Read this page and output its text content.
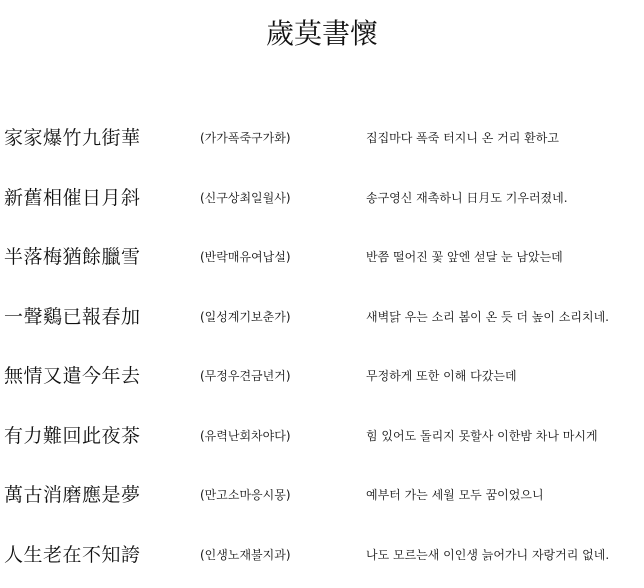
歲莫書懷
家家爆竹九街華	(가가폭죽구가화)	집집마다 폭죽 터지니 온 거리 환하고
新舊相催日月斜	(신구상최일월사)	송구영신 재촉하니 日月도 기우러졌네.
半落梅猶餘臘雪	(반락매유여납설)	반쯤 떨어진 꽃 앞엔 섣달 눈 남았는데
一聲鷄已報春加	(일성계기보춘가)	새벽닭 우는 소리 봄이 온 듯 더 높이 소리치네.
無情又遣今年去	(무정우견금년거)	무정하게 또한 이해 다갔는데
有力難回此夜茶	(유력난회차야다)	힘 있어도 돌리지 못할사 이한밤 차나 마시게
萬古消磨應是夢	(만고소마응시몽)	예부터 가는 세월 모두 꿈이었으니
人生老在不知誇	(인생노재불지과)	나도 모르는새 이인생 늙어가니 자랑거리 없네.
